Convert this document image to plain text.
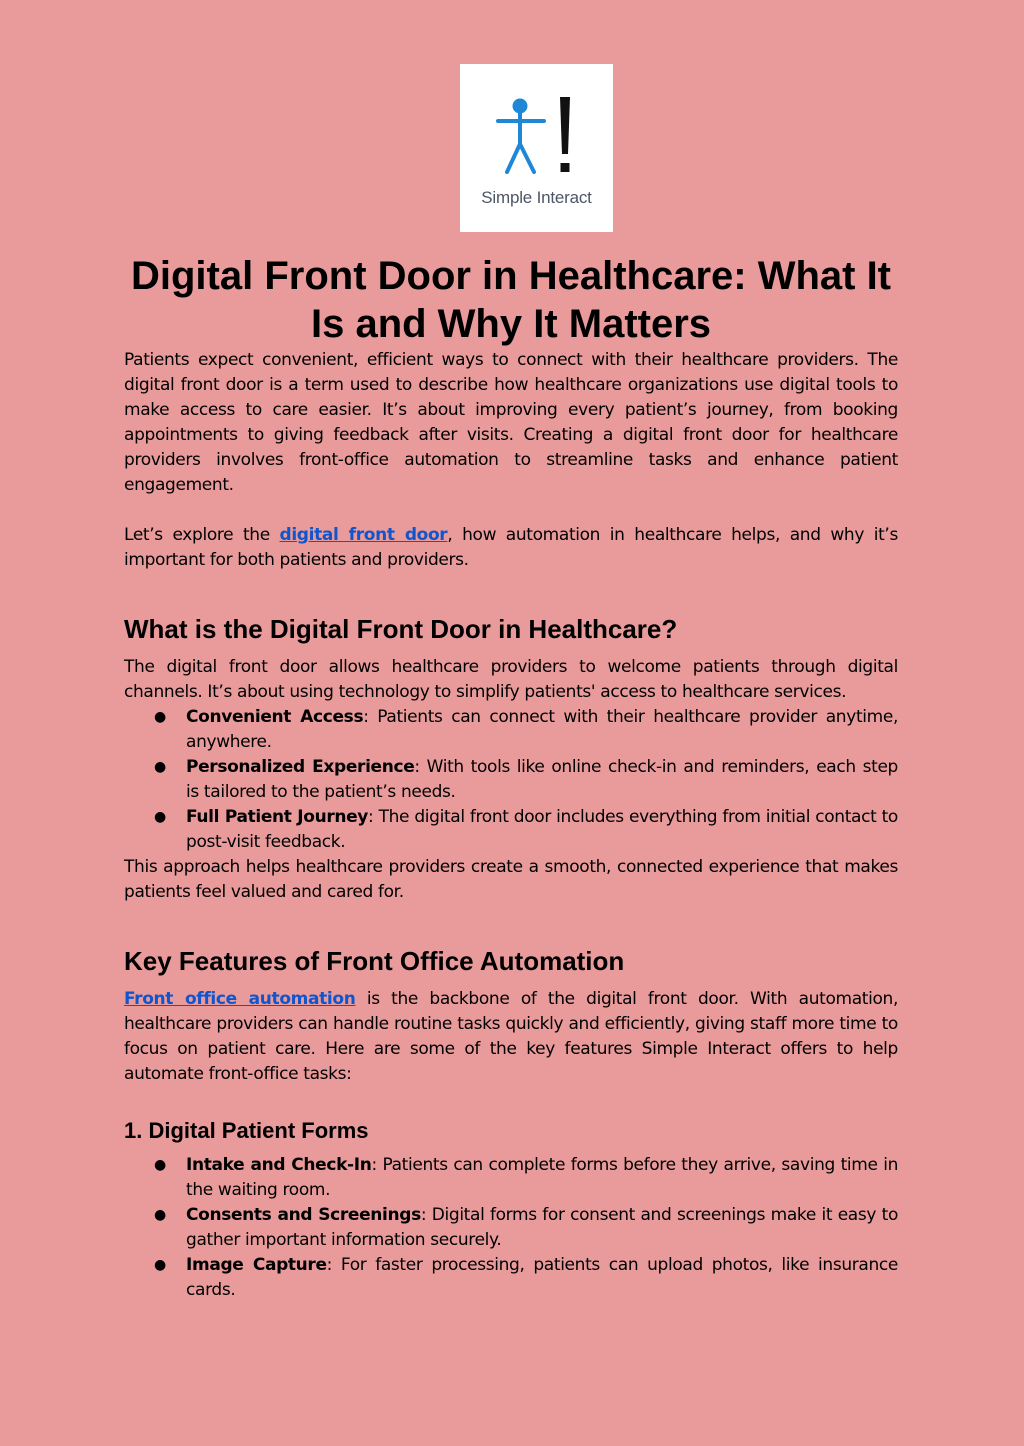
Simple Interact
Digital Front Door in Healthcare: What It Is and Why It Matters

Patients expect convenient, efficient ways to connect with their healthcare providers. The digital front door is a term used to describe how healthcare organizations use digital tools to make access to care easier. It’s about improving every patient’s journey, from booking appointments to giving feedback after visits. Creating a digital front door for healthcare providers involves front-office automation to streamline tasks and enhance patient engagement.

Let’s explore the digital front door, how automation in healthcare helps, and why it’s important for both patients and providers.

What is the Digital Front Door in Healthcare?

The digital front door allows healthcare providers to welcome patients through digital channels. It’s about using technology to simplify patients' access to healthcare services.

● Convenient Access: Patients can connect with their healthcare provider anytime, anywhere.
● Personalized Experience: With tools like online check-in and reminders, each step is tailored to the patient’s needs.
● Full Patient Journey: The digital front door includes everything from initial contact to post-visit feedback.

This approach helps healthcare providers create a smooth, connected experience that makes patients feel valued and cared for.

Key Features of Front Office Automation

Front office automation is the backbone of the digital front door. With automation, healthcare providers can handle routine tasks quickly and efficiently, giving staff more time to focus on patient care. Here are some of the key features Simple Interact offers to help automate front-office tasks:

1. Digital Patient Forms
● Intake and Check-In: Patients can complete forms before they arrive, saving time in the waiting room.
● Consents and Screenings: Digital forms for consent and screenings make it easy to gather important information securely.
● Image Capture: For faster processing, patients can upload photos, like insurance cards.
